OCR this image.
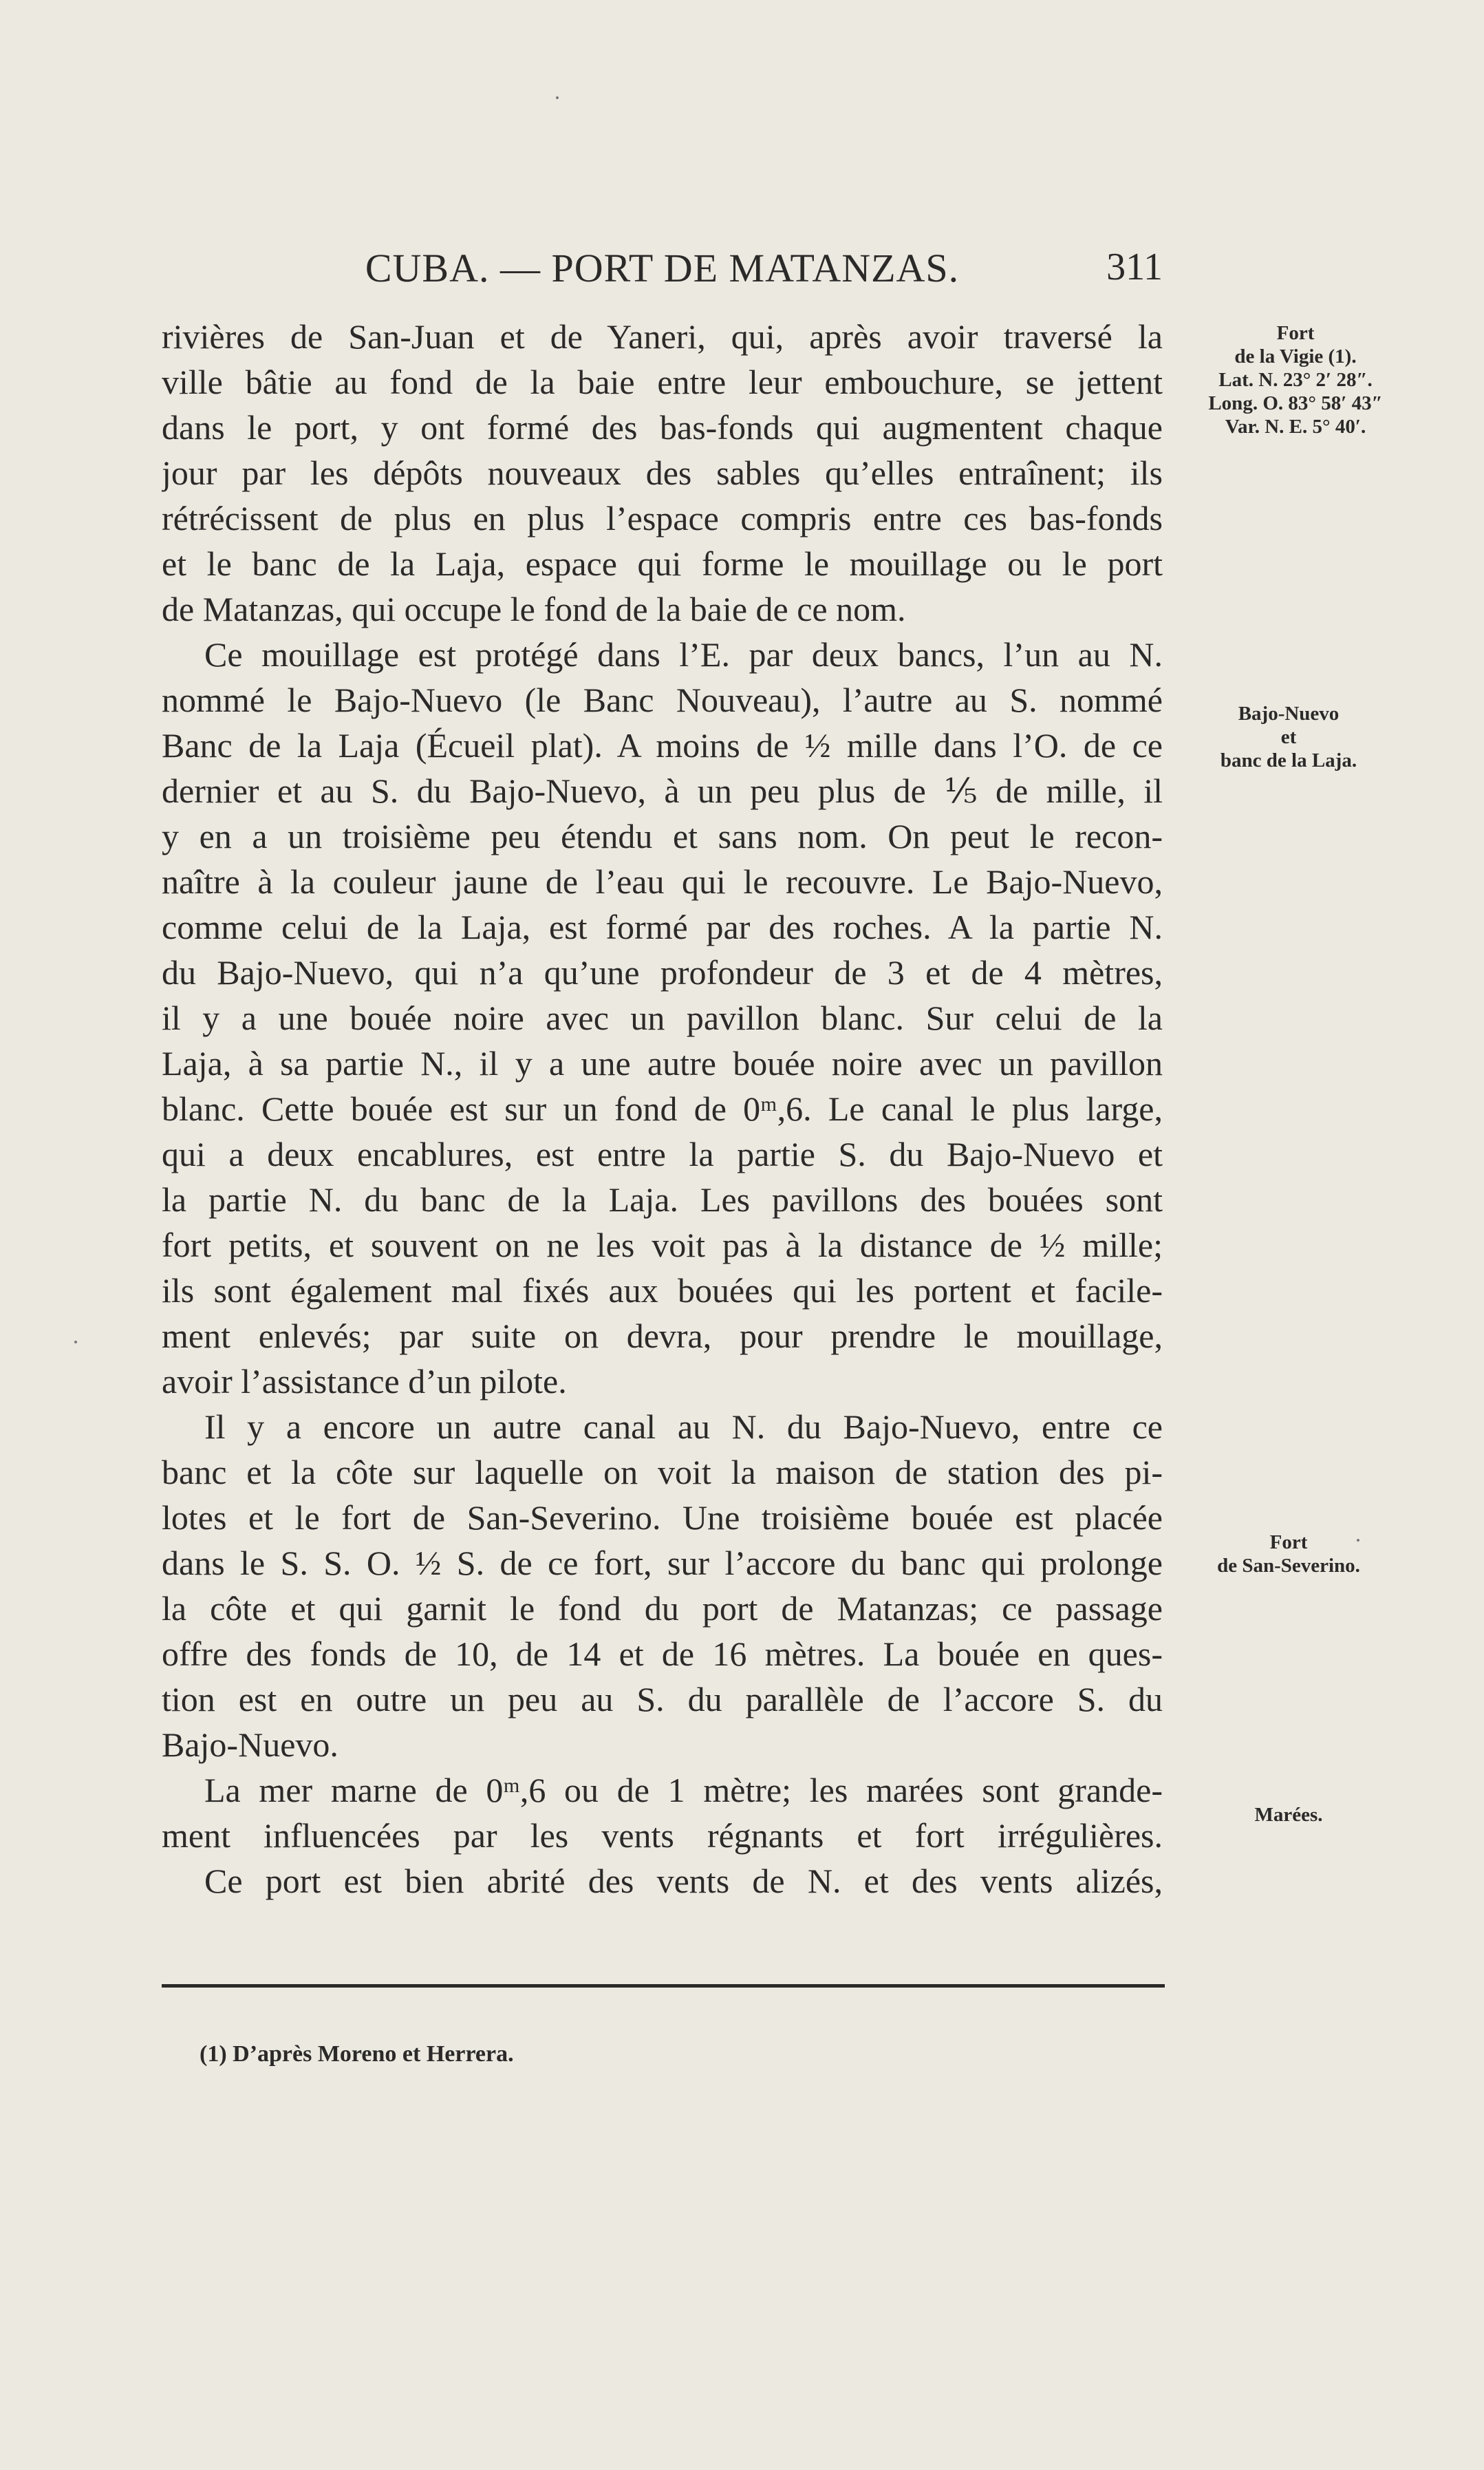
CUBA. — PORT DE MATANZAS.	311
rivières de San-Juan et de Yaneri, qui, après avoir traversé la
ville bâtie au fond de la baie entre leur embouchure, se jettent
dans le port, y ont formé des bas-fonds qui augmentent chaque
jour par les dépôts nouveaux des sables qu’elles entraînent; ils
rétrécissent de plus en plus l’espace compris entre ces bas-fonds
et le banc de la Laja, espace qui forme le mouillage ou le port
de Matanzas, qui occupe le fond de la baie de ce nom.
Ce mouillage est protégé dans l’E. par deux bancs, l’un au N.
nommé le Bajo-Nuevo (le Banc Nouveau), l’autre au S. nommé
Banc de la Laja (Écueil plat). A moins de ½ mille dans l’O. de ce
dernier et au S. du Bajo-Nuevo, à un peu plus de ⅕ de mille, il
y en a un troisième peu étendu et sans nom. On peut le recon-
naître à la couleur jaune de l’eau qui le recouvre. Le Bajo-Nuevo,
comme celui de la Laja, est formé par des roches. A la partie N.
du Bajo-Nuevo, qui n’a qu’une profondeur de 3 et de 4 mètres,
il y a une bouée noire avec un pavillon blanc. Sur celui de la
Laja, à sa partie N., il y a une autre bouée noire avec un pavillon
blanc. Cette bouée est sur un fond de 0ᵐ,6. Le canal le plus large,
qui a deux encablures, est entre la partie S. du Bajo-Nuevo et
la partie N. du banc de la Laja. Les pavillons des bouées sont
fort petits, et souvent on ne les voit pas à la distance de ½ mille;
ils sont également mal fixés aux bouées qui les portent et facile-
ment enlevés; par suite on devra, pour prendre le mouillage,
avoir l’assistance d’un pilote.
Il y a encore un autre canal au N. du Bajo-Nuevo, entre ce
banc et la côte sur laquelle on voit la maison de station des pi-
lotes et le fort de San-Severino. Une troisième bouée est placée
dans le S. S. O. ½ S. de ce fort, sur l’accore du banc qui prolonge
la côte et qui garnit le fond du port de Matanzas; ce passage
offre des fonds de 10, de 14 et de 16 mètres. La bouée en ques-
tion est en outre un peu au S. du parallèle de l’accore S. du
Bajo-Nuevo.
La mer marne de 0ᵐ,6 ou de 1 mètre; les marées sont grande-
ment influencées par les vents régnants et fort irrégulières.
Ce port est bien abrité des vents de N. et des vents alizés,
Fort
de la Vigie (1).
Lat. N. 23° 2′ 28″.
Long. O. 83° 58′ 43″
Var. N. E. 5° 40′.
Bajo-Nuevo
et
banc de la Laja.
Fort
de San-Severino.
Marées.
(1) D’après Moreno et Herrera.
